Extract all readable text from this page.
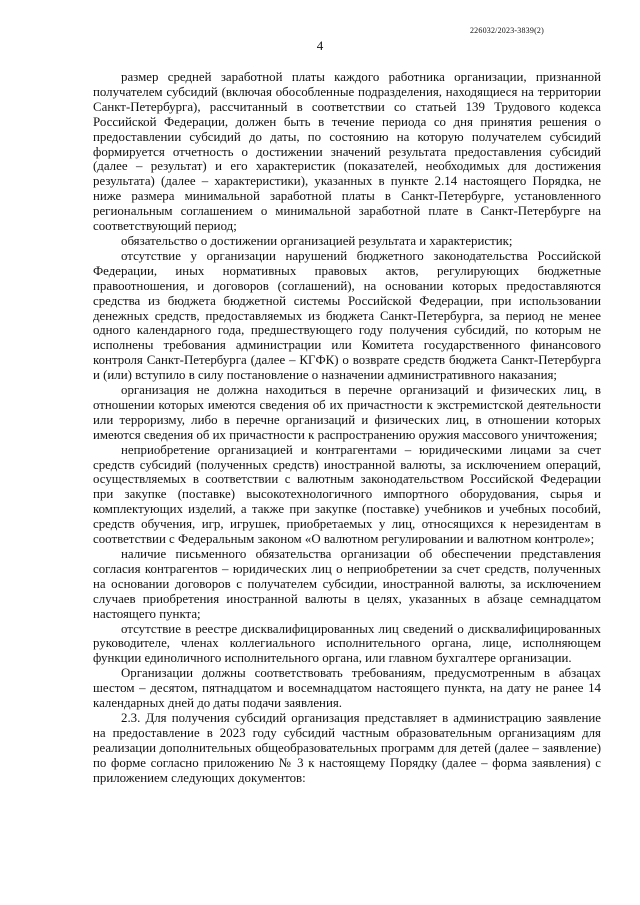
226032/2023-3839(2)
4

размер средней заработной платы каждого работника организации, признанной получателем субсидий (включая обособленные подразделения, находящиеся на территории Санкт-Петербурга), рассчитанный в соответствии со статьей 139 Трудового кодекса Российской Федерации, должен быть в течение периода со дня принятия решения о предоставлении субсидий до даты, по состоянию на которую получателем субсидий формируется отчетность о достижении значений результата предоставления субсидий (далее – результат) и его характеристик (показателей, необходимых для достижения результата) (далее – характеристики), указанных в пункте 2.14 настоящего Порядка, не ниже размера минимальной заработной платы в Санкт-Петербурге, установленного региональным соглашением о минимальной заработной плате в Санкт-Петербурге на соответствующий период;

обязательство о достижении организацией результата и характеристик;

отсутствие у организации нарушений бюджетного законодательства Российской Федерации, иных нормативных правовых актов, регулирующих бюджетные правоотношения, и договоров (соглашений), на основании которых предоставляются средства из бюджета бюджетной системы Российской Федерации, при использовании денежных средств, предоставляемых из бюджета Санкт-Петербурга, за период не менее одного календарного года, предшествующего году получения субсидий, по которым не исполнены требования администрации или Комитета государственного финансового контроля Санкт-Петербурга (далее – КГФК) о возврате средств бюджета Санкт-Петербурга и (или) вступило в силу постановление о назначении административного наказания;

организация не должна находиться в перечне организаций и физических лиц, в отношении которых имеются сведения об их причастности к экстремистской деятельности или терроризму, либо в перечне организаций и физических лиц, в отношении которых имеются сведения об их причастности к распространению оружия массового уничтожения;

неприобретение организацией и контрагентами – юридическими лицами за счет средств субсидий (полученных средств) иностранной валюты, за исключением операций, осуществляемых в соответствии с валютным законодательством Российской Федерации при закупке (поставке) высокотехнологичного импортного оборудования, сырья и комплектующих изделий, а также при закупке (поставке) учебников и учебных пособий, средств обучения, игр, игрушек, приобретаемых у лиц, относящихся к нерезидентам в соответствии с Федеральным законом «О валютном регулировании и валютном контроле»;

наличие письменного обязательства организации об обеспечении представления согласия контрагентов – юридических лиц о неприобретении за счет средств, полученных на основании договоров с получателем субсидии, иностранной валюты, за исключением случаев приобретения иностранной валюты в целях, указанных в абзаце семнадцатом настоящего пункта;

отсутствие в реестре дисквалифицированных лиц сведений о дисквалифицированных руководителе, членах коллегиального исполнительного органа, лице, исполняющем функции единоличного исполнительного органа, или главном бухгалтере организации.

Организации должны соответствовать требованиям, предусмотренным в абзацах шестом – десятом, пятнадцатом и восемнадцатом настоящего пункта, на дату не ранее 14 календарных дней до даты подачи заявления.

2.3. Для получения субсидий организация представляет в администрацию заявление на предоставление в 2023 году субсидий частным образовательным организациям для реализации дополнительных общеобразовательных программ для детей (далее – заявление) по форме согласно приложению № 3 к настоящему Порядку (далее – форма заявления) с приложением следующих документов:
